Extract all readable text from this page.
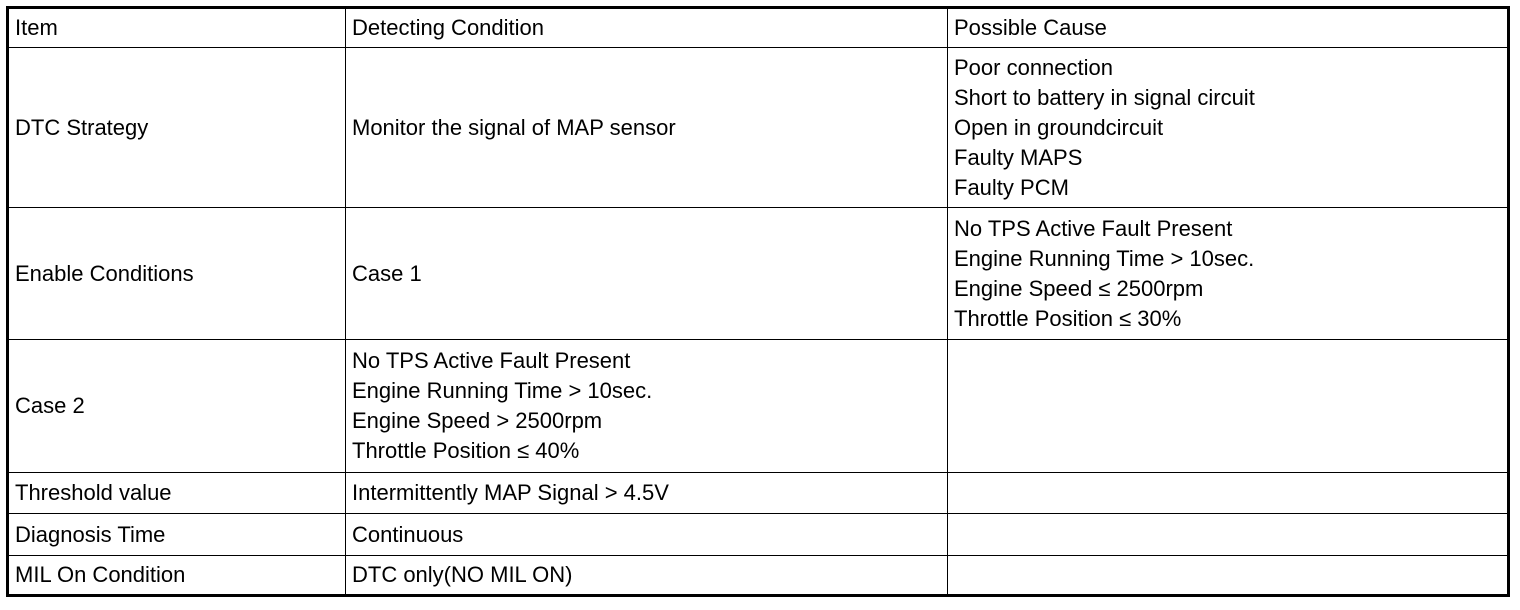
Item	Detecting Condition	Possible Cause
DTC Strategy	Monitor the signal of MAP sensor	Poor connection
Short to battery in signal circuit
Open in groundcircuit
Faulty MAPS
Faulty PCM

Enable Conditions	Case 1	No TPS Active Fault Present
Engine Running Time > 10sec.
Engine Speed ≤ 2500rpm
Throttle Position ≤ 30%

Case 2	No TPS Active Fault Present
Engine Running Time > 10sec.
Engine Speed > 2500rpm
Throttle Position ≤ 40%	

Threshold value	Intermittently MAP Signal > 4.5V	
Diagnosis Time	Continuous	
MIL On Condition	DTC only(NO MIL ON)	
